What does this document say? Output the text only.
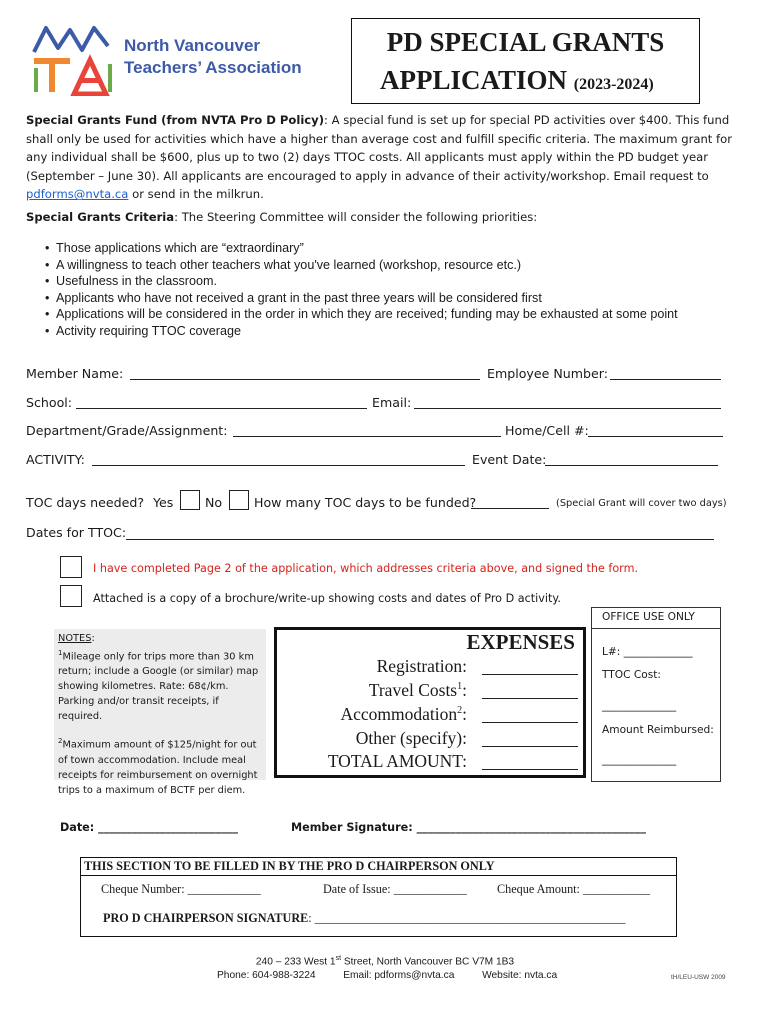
North Vancouver
Teachers’ Association
PD SPECIAL GRANTS
APPLICATION (2023-2024)
Special Grants Fund (from NVTA Pro D Policy): A special fund is set up for special PD activities over $400. This fund shall only be used for activities which have a higher than average cost and fulfill specific criteria. The maximum grant for any individual shall be $600, plus up to two (2) days TTOC costs. All applicants must apply within the PD budget year (September – June 30). All applicants are encouraged to apply in advance of their activity/workshop. Email request to pdforms@nvta.ca or send in the milkrun.
Special Grants Criteria: The Steering Committee will consider the following priorities:
• Those applications which are “extraordinary”
• A willingness to teach other teachers what you've learned (workshop, resource etc.)
• Usefulness in the classroom.
• Applicants who have not received a grant in the past three years will be considered first
• Applications will be considered in the order in which they are received; funding may be exhausted at some point
• Activity requiring TTOC coverage
Member Name:	Employee Number:
School:	Email:
Department/Grade/Assignment:	Home/Cell #:
ACTIVITY:	Event Date:
TOC days needed? Yes	No	How many TOC days to be funded?	(Special Grant will cover two days)
Dates for TTOC:
I have completed Page 2 of the application, which addresses criteria above, and signed the form.
Attached is a copy of a brochure/write-up showing costs and dates of Pro D activity.
NOTES:
$^1$Mileage only for trips more than 30 km return; include a Google (or similar) map showing kilometres. Rate: 68¢/km. Parking and/or transit receipts, if required.
$^2$Maximum amount of $125/night for out of town accommodation. Include meal receipts for reimbursement on overnight trips to a maximum of BCTF per diem.
EXPENSES
Registration:
Travel Costs$^1$:
Accommodation$^2$:
Other (specify):
TOTAL AMOUNT:
OFFICE USE ONLY
L#: _____________
TTOC Cost:
______________
Amount Reimbursed:
______________
Date: _________________________	Member Signature: _________________________________________
THIS SECTION TO BE FILLED IN BY THE PRO D CHAIRPERSON ONLY
Cheque Number: ____________	Date of Issue: ____________ Cheque Amount: ___________
PRO D CHAIRPERSON SIGNATURE: ___________________________________________________
240 – 233 West 1st Street, North Vancouver BC V7M 1B3
Phone: 604-988-3224	Email: pdforms@nvta.ca	Website: nvta.ca	tH/LEU-USW 2009
